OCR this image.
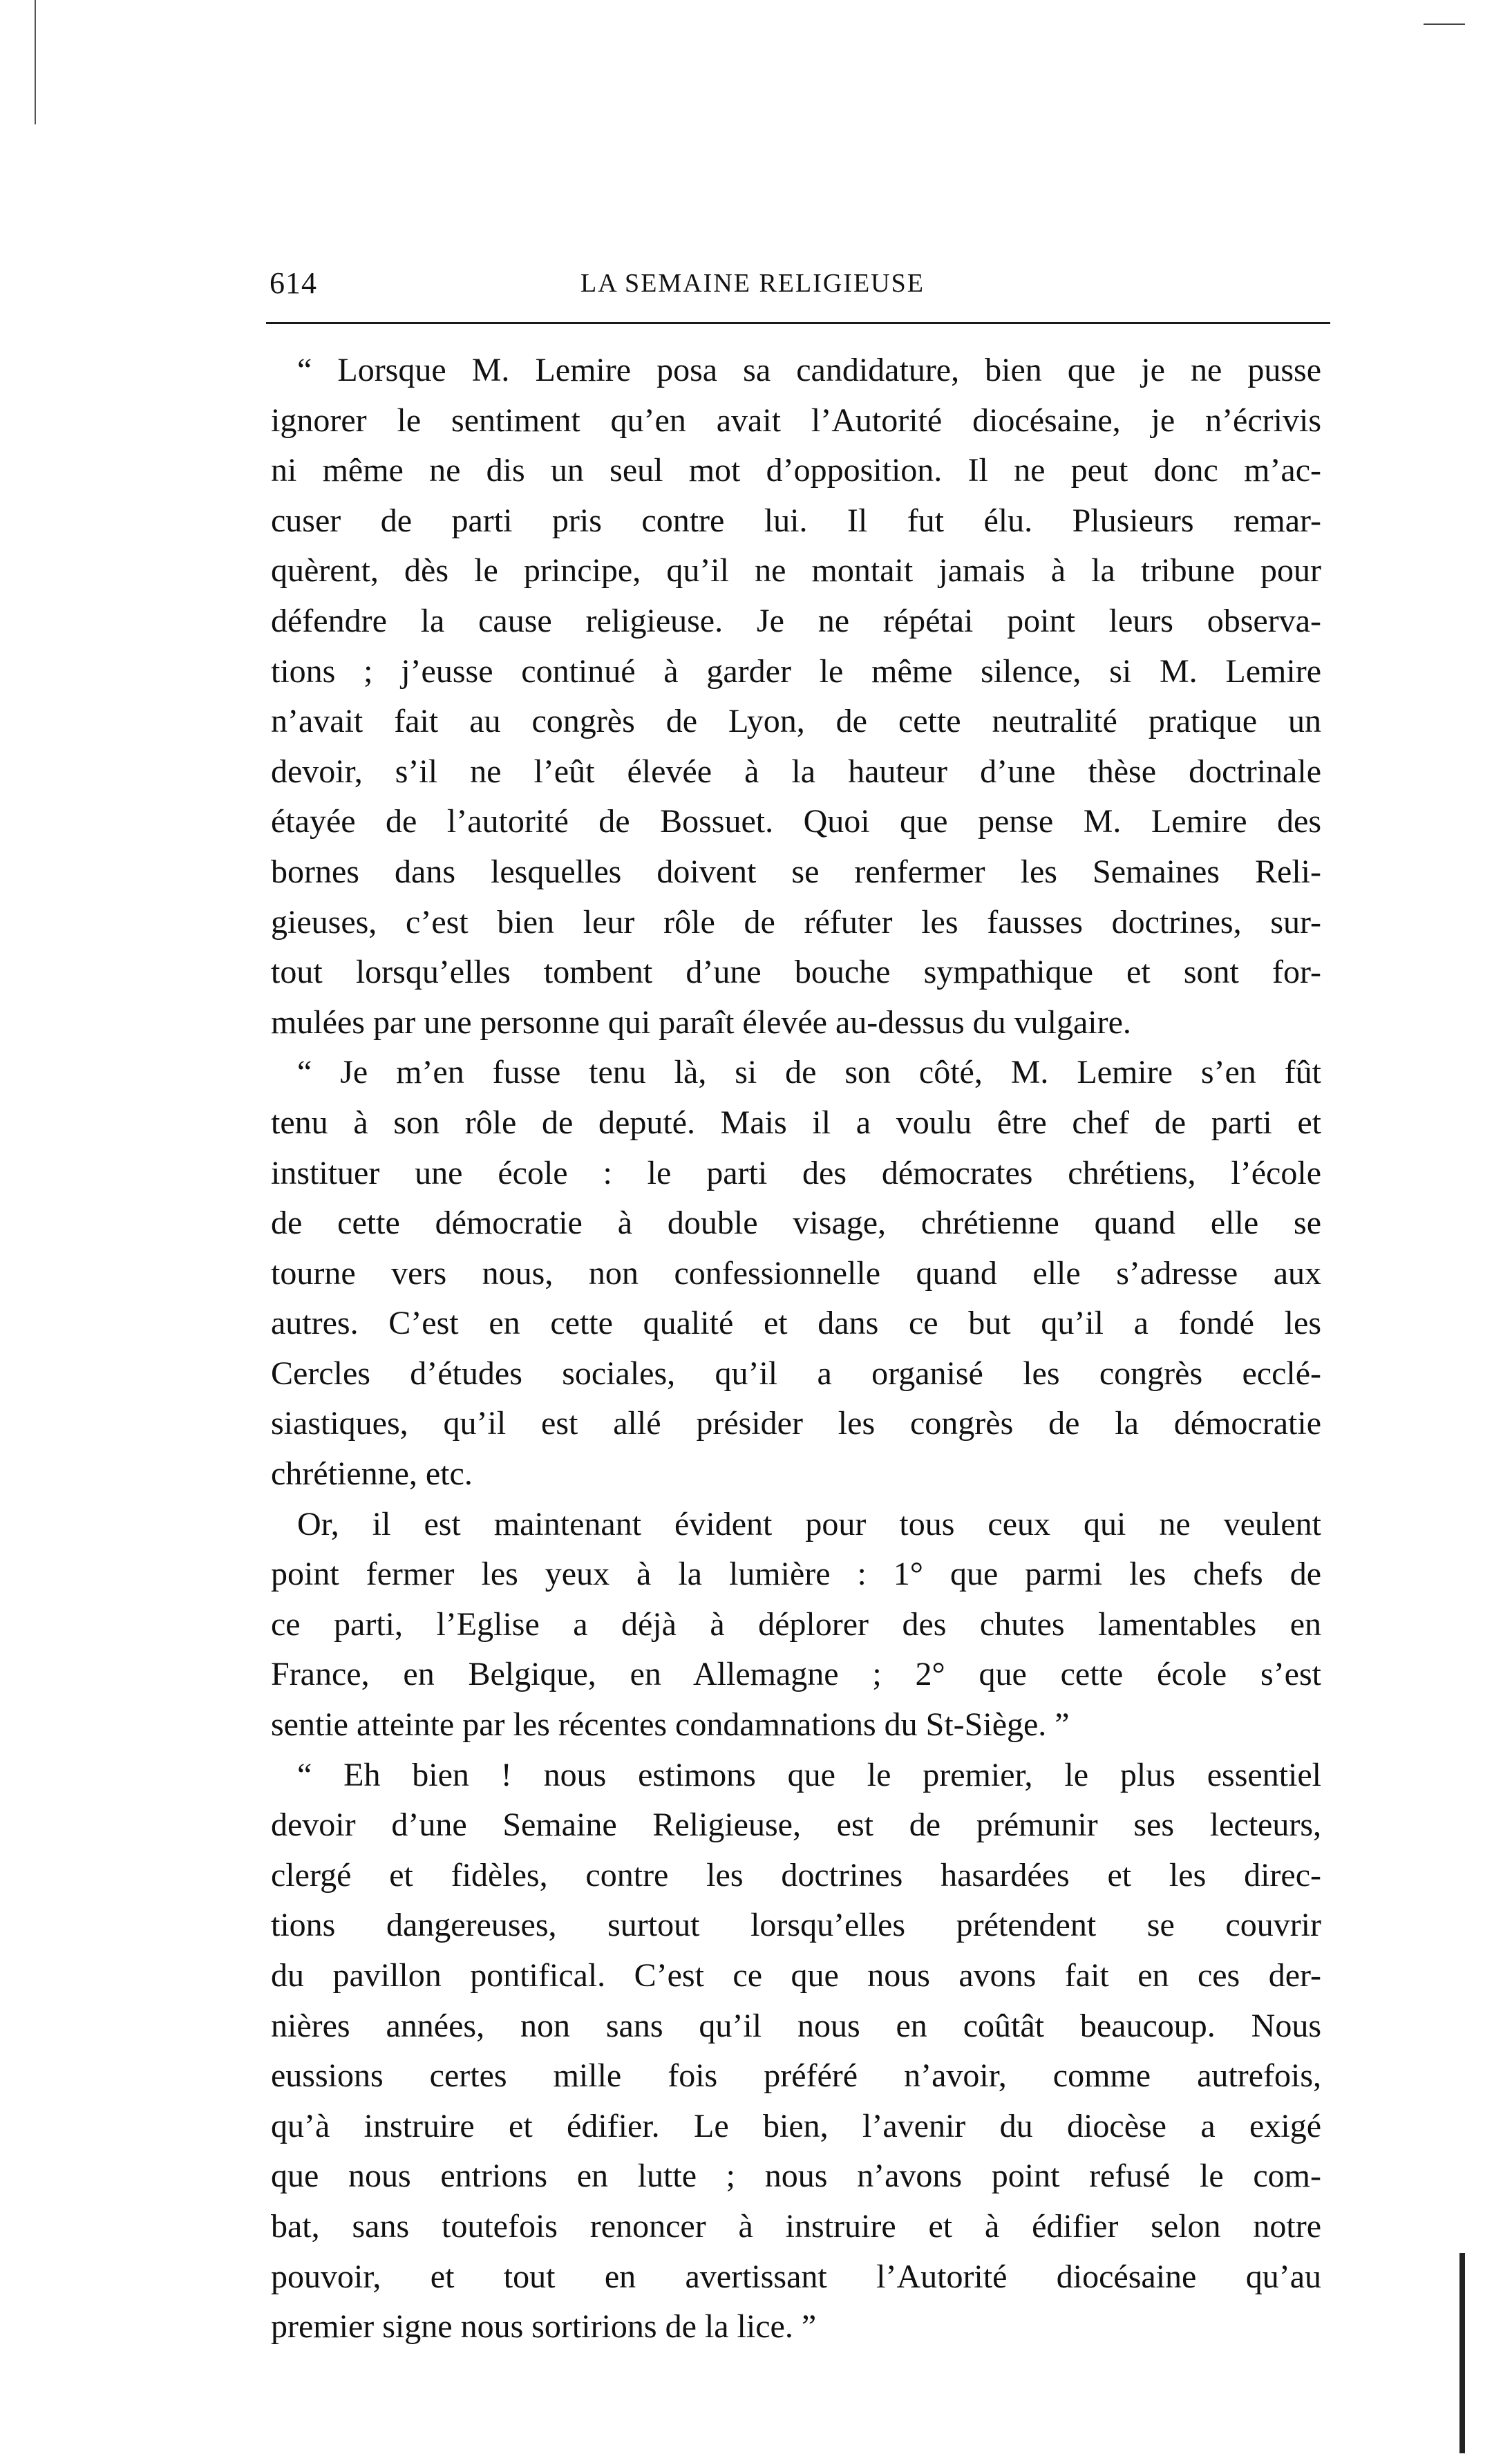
614	LA SEMAINE RELIGIEUSE
“ Lorsque M. Lemire posa sa candidature, bien que je ne pusse
ignorer le sentiment qu’en avait l’Autorité diocésaine, je n’écrivis
ni même ne dis un seul mot d’opposition. Il ne peut donc m’ac-
cuser de parti pris contre lui. Il fut élu. Plusieurs remar-
quèrent, dès le principe, qu’il ne montait jamais à la tribune pour
défendre la cause religieuse. Je ne répétai point leurs observa-
tions ; j’eusse continué à garder le même silence, si M. Lemire
n’avait fait au congrès de Lyon, de cette neutralité pratique un
devoir, s’il ne l’eût élevée à la hauteur d’une thèse doctrinale
étayée de l’autorité de Bossuet. Quoi que pense M. Lemire des
bornes dans lesquelles doivent se renfermer les Semaines Reli-
gieuses, c’est bien leur rôle de réfuter les fausses doctrines, sur-
tout lorsqu’elles tombent d’une bouche sympathique et sont for-
mulées par une personne qui paraît élevée au-dessus du vulgaire.
“ Je m’en fusse tenu là, si de son côté, M. Lemire s’en fût
tenu à son rôle de deputé. Mais il a voulu être chef de parti et
instituer une école : le parti des démocrates chrétiens, l’école
de cette démocratie à double visage, chrétienne quand elle se
tourne vers nous, non confessionnelle quand elle s’adresse aux
autres. C’est en cette qualité et dans ce but qu’il a fondé les
Cercles d’études sociales, qu’il a organisé les congrès ecclé-
siastiques, qu’il est allé présider les congrès de la démocratie
chrétienne, etc.
Or, il est maintenant évident pour tous ceux qui ne veulent
point fermer les yeux à la lumière : 1° que parmi les chefs de
ce parti, l’Eglise a déjà à déplorer des chutes lamentables en
France, en Belgique, en Allemagne ; 2° que cette école s’est
sentie atteinte par les récentes condamnations du St-Siège. ”
“ Eh bien ! nous estimons que le premier, le plus essentiel
devoir d’une Semaine Religieuse, est de prémunir ses lecteurs,
clergé et fidèles, contre les doctrines hasardées et les direc-
tions dangereuses, surtout lorsqu’elles prétendent se couvrir
du pavillon pontifical. C’est ce que nous avons fait en ces der-
nières années, non sans qu’il nous en coûtât beaucoup. Nous
eussions certes mille fois préféré n’avoir, comme autrefois,
qu’à instruire et édifier. Le bien, l’avenir du diocèse a exigé
que nous entrions en lutte ; nous n’avons point refusé le com-
bat, sans toutefois renoncer à instruire et à édifier selon notre
pouvoir, et tout en avertissant l’Autorité diocésaine qu’au
premier signe nous sortirions de la lice. ”
